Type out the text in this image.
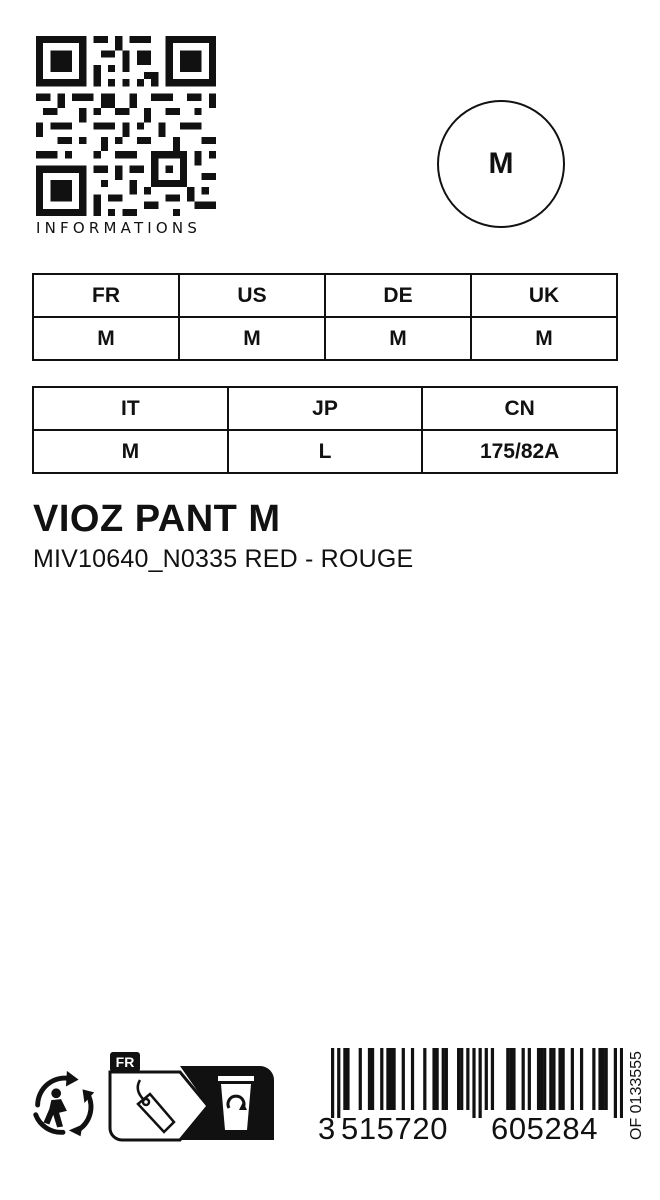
INFORMATIONS
M
FR	US	DE	UK
M	M	M	M
IT	JP	CN
M	L	175/82A
VIOZ PANT M
MIV10640_N0335 RED - ROUGE
FR
3 515720 605284 OF 0133555
